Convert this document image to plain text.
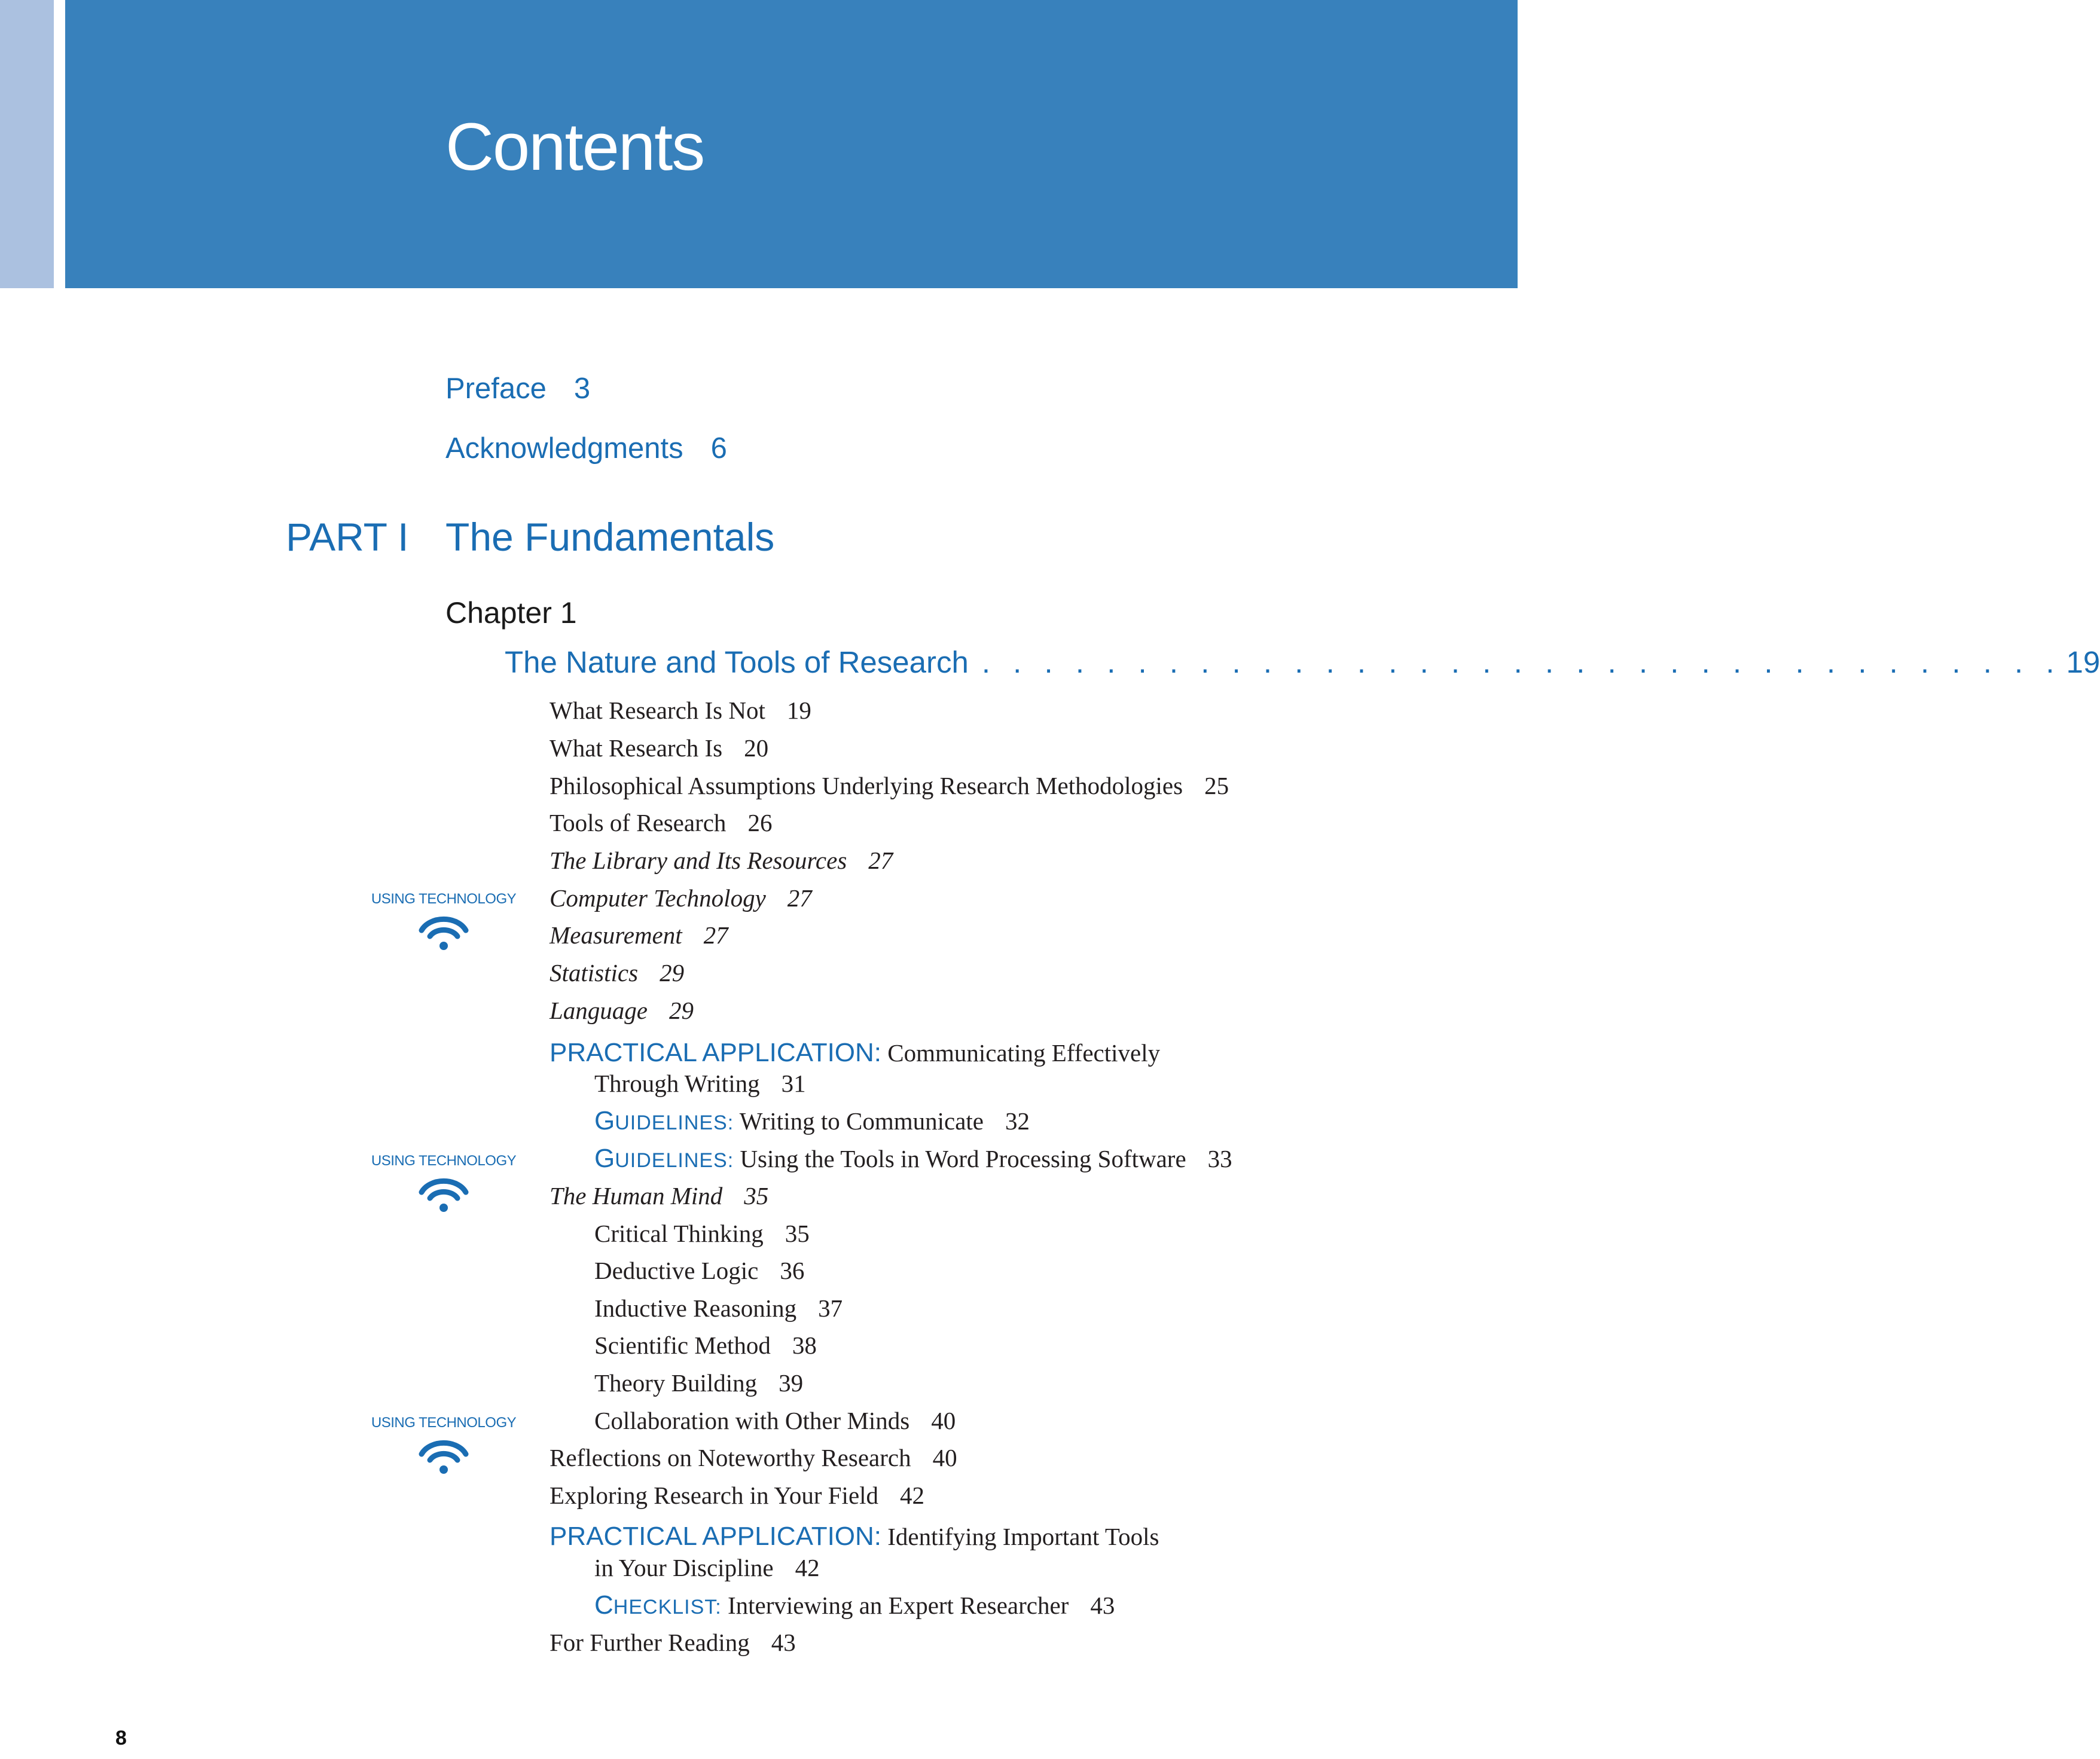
Contents
Preface 3
Acknowledgments 6
PART I The Fundamentals
Chapter 1
The Nature and Tools of Research . . . . . . . . . . . . . . . . . . . . . . . . . . . . . . . . . . . 19
What Research Is Not 19
What Research Is 20
Philosophical Assumptions Underlying Research Methodologies 25
Tools of Research 26
The Library and Its Resources 27
Computer Technology 27
Measurement 27
Statistics 29
Language 29
PRACTICAL APPLICATION: Communicating Effectively
Through Writing 31
GUIDELINES: Writing to Communicate 32
GUIDELINES: Using the Tools in Word Processing Software 33
The Human Mind 35
Critical Thinking 35
Deductive Logic 36
Inductive Reasoning 37
Scientific Method 38
Theory Building 39
Collaboration with Other Minds 40
Reflections on Noteworthy Research 40
Exploring Research in Your Field 42
PRACTICAL APPLICATION: Identifying Important Tools
in Your Discipline 42
CHECKLIST: Interviewing an Expert Researcher 43
For Further Reading 43
USING TECHNOLOGY
USING TECHNOLOGY
USING TECHNOLOGY
8
